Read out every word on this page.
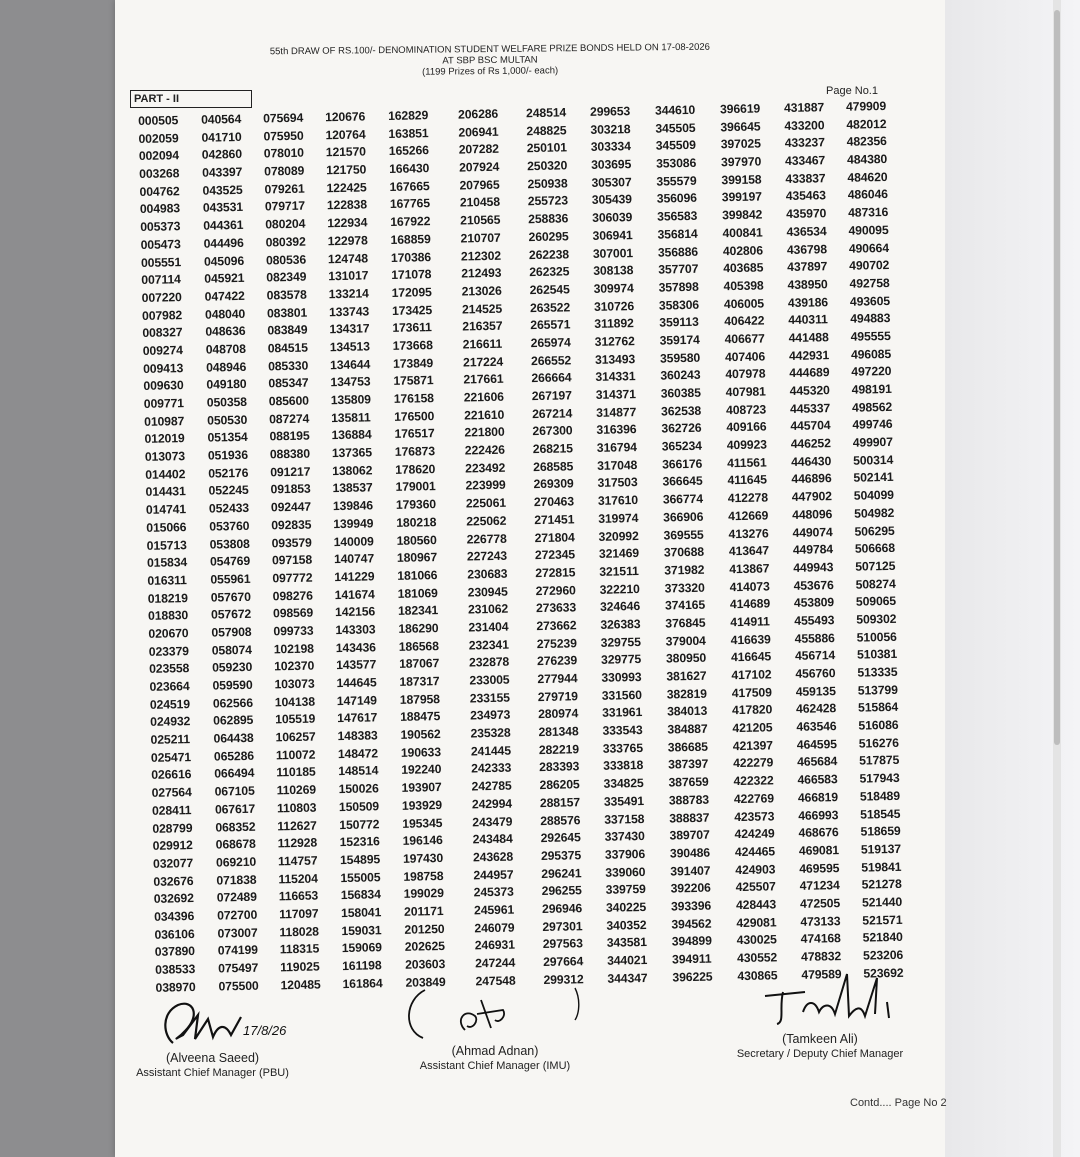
55th DRAW OF RS.100/- DENOMINATION STUDENT WELFARE PRIZE BONDS HELD ON 17-08-2026
AT SBP BSC MULTAN
(1199 Prizes of Rs 1,000/- each)
Page No.1
PART - II
000505
002059
002094
003268
004762
004983
005373
005473
005551
007114
007220
007982
008327
009274
009413
009630
009771
010987
012019
013073
014402
014431
014741
015066
015713
015834
016311
018219
018830
020670
023379
023558
023664
024519
024932
025211
025471
026616
027564
028411
028799
029912
032077
032676
032692
034396
036106
037890
038533
038970
040564
041710
042860
043397
043525
043531
044361
044496
045096
045921
047422
048040
048636
048708
048946
049180
050358
050530
051354
051936
052176
052245
052433
053760
053808
054769
055961
057670
057672
057908
058074
059230
059590
062566
062895
064438
065286
066494
067105
067617
068352
068678
069210
071838
072489
072700
073007
074199
075497
075500
075694
075950
078010
078089
079261
079717
080204
080392
080536
082349
083578
083801
083849
084515
085330
085347
085600
087274
088195
088380
091217
091853
092447
092835
093579
097158
097772
098276
098569
099733
102198
102370
103073
104138
105519
106257
110072
110185
110269
110803
112627
112928
114757
115204
116653
117097
118028
118315
119025
120485
120676
120764
121570
121750
122425
122838
122934
122978
124748
131017
133214
133743
134317
134513
134644
134753
135809
135811
136884
137365
138062
138537
139846
139949
140009
140747
141229
141674
142156
143303
143436
143577
144645
147149
147617
148383
148472
148514
150026
150509
150772
152316
154895
155005
156834
158041
159031
159069
161198
161864
162829
163851
165266
166430
167665
167765
167922
168859
170386
171078
172095
173425
173611
173668
173849
175871
176158
176500
176517
176873
178620
179001
179360
180218
180560
180967
181066
181069
182341
186290
186568
187067
187317
187958
188475
190562
190633
192240
193907
193929
195345
196146
197430
198758
199029
201171
201250
202625
203603
203849
206286
206941
207282
207924
207965
210458
210565
210707
212302
212493
213026
214525
216357
216611
217224
217661
221606
221610
221800
222426
223492
223999
225061
225062
226778
227243
230683
230945
231062
231404
232341
232878
233005
233155
234973
235328
241445
242333
242785
242994
243479
243484
243628
244957
245373
245961
246079
246931
247244
247548
248514
248825
250101
250320
250938
255723
258836
260295
262238
262325
262545
263522
265571
265974
266552
266664
267197
267214
267300
268215
268585
269309
270463
271451
271804
272345
272815
272960
273633
273662
275239
276239
277944
279719
280974
281348
282219
283393
286205
288157
288576
292645
295375
296241
296255
296946
297301
297563
297664
299312
299653
303218
303334
303695
305307
305439
306039
306941
307001
308138
309974
310726
311892
312762
313493
314331
314371
314877
316396
316794
317048
317503
317610
319974
320992
321469
321511
322210
324646
326383
329755
329775
330993
331560
331961
333543
333765
333818
334825
335491
337158
337430
337906
339060
339759
340225
340352
343581
344021
344347
344610
345505
345509
353086
355579
356096
356583
356814
356886
357707
357898
358306
359113
359174
359580
360243
360385
362538
362726
365234
366176
366645
366774
366906
369555
370688
371982
373320
374165
376845
379004
380950
381627
382819
384013
384887
386685
387397
387659
388783
388837
389707
390486
391407
392206
393396
394562
394899
394911
396225
396619
396645
397025
397970
399158
399197
399842
400841
402806
403685
405398
406005
406422
406677
407406
407978
407981
408723
409166
409923
411561
411645
412278
412669
413276
413647
413867
414073
414689
414911
416639
416645
417102
417509
417820
421205
421397
422279
422322
422769
423573
424249
424465
424903
425507
428443
429081
430025
430552
430865
431887
433200
433237
433467
433837
435463
435970
436534
436798
437897
438950
439186
440311
441488
442931
444689
445320
445337
445704
446252
446430
446896
447902
448096
449074
449784
449943
453676
453809
455493
455886
456714
456760
459135
462428
463546
464595
465684
466583
466819
466993
468676
469081
469595
471234
472505
473133
474168
478832
479589
479909
482012
482356
484380
484620
486046
487316
490095
490664
490702
492758
493605
494883
495555
496085
497220
498191
498562
499746
499907
500314
502141
504099
504982
506295
506668
507125
508274
509065
509302
510056
510381
513335
513799
515864
516086
516276
517875
517943
518489
518545
518659
519137
519841
521278
521440
521571
521840
523206
523692
17/8/26
(Alveena Saeed)
Assistant Chief Manager (PBU)
(Ahmad Adnan)
Assistant Chief Manager (IMU)
(Tamkeen Ali)
Secretary / Deputy Chief Manager
Contd.... Page No 2
